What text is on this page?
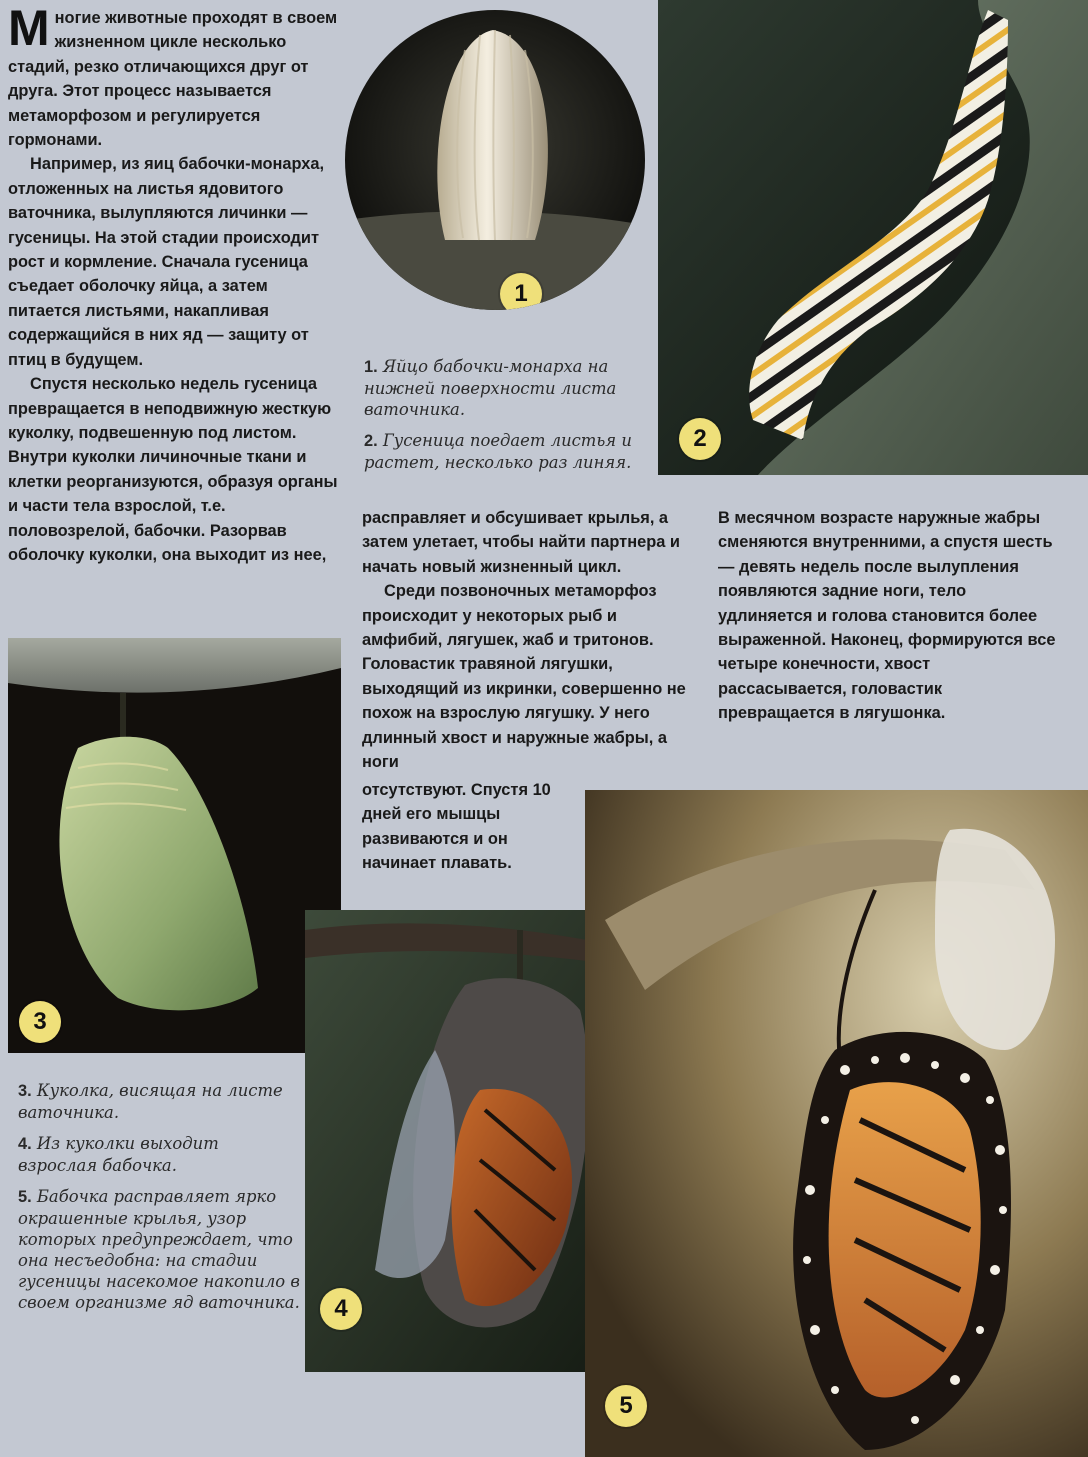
Многие животные проходят в своем жизненном цикле несколько стадий, резко отличающихся друг от друга. Этот процесс называется метаморфозом и регулируется гормонами.

Например, из яиц бабочки-монарха, отложенных на листья ядовитого ваточника, вылупляются личинки — гусеницы. На этой стадии происходит рост и кормление. Сначала гусеница съедает оболочку яйца, а затем питается листьями, накапливая содержащийся в них яд — защиту от птиц в будущем.

Спустя несколько недель гусеница превращается в неподвижную жесткую куколку, подвешенную под листом. Внутри куколки личиночные ткани и клетки реорганизуются, образуя органы и части тела взрослой, т.е. половозрелой, бабочки. Разорвав оболочку куколки, она выходит из нее,

1
2

1. Яйцо бабочки-монарха на нижней поверхности листа ваточника.

2. Гусеница поедает листья и растет, несколько раз линяя.

расправляет и обсушивает крылья, а затем улетает, чтобы найти партнера и начать новый жизненный цикл.

Среди позвоночных метаморфоз происходит у некоторых рыб и амфибий, лягушек, жаб и тритонов. Головастик травяной лягушки, выходящий из икринки, совершенно не похож на взрослую лягушку. У него длинный хвост и наружные жабры, а ноги

отсутствуют. Спустя 10 дней его мышцы развиваются и он начинает плавать.

В месячном возрасте наружные жабры сменяются внутренними, а спустя шесть — девять недель после вылупления появляются задние ноги, тело удлиняется и голова становится более выраженной. Наконец, формируются все четыре конечности, хвост рассасывается, головастик превращается в лягушонка.

3

3. Куколка, висящая на листе ваточника.

4. Из куколки выходит взрослая бабочка.

5. Бабочка расправляет ярко окрашенные крылья, узор которых предупреждает, что она несъедобна: на стадии гусеницы насекомое накопило в своем организме яд ваточника.	4
5
